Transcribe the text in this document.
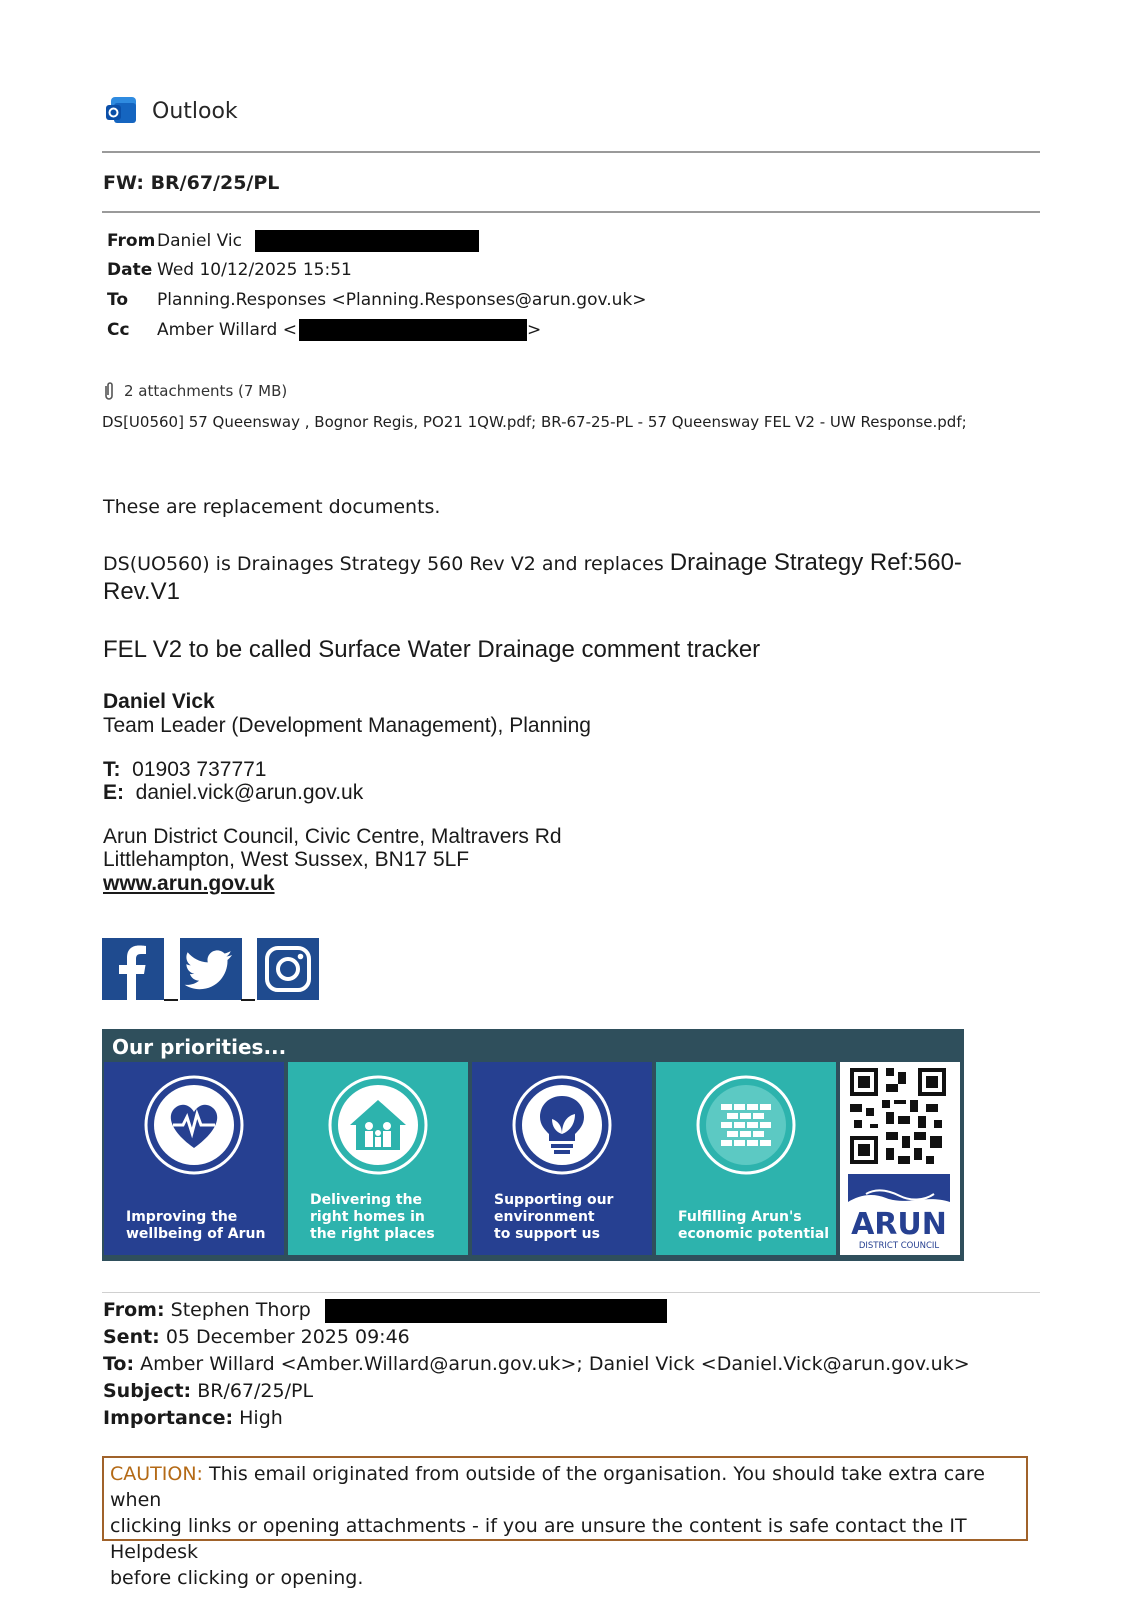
Outlook
FW: BR/67/25/PL
FromDaniel Vic
Date Wed 10/12/2025 15:51
To Planning.Responses <Planning.Responses@arun.gov.uk>
Cc Amber Willard <	>
2 attachments (7 MB)
DS[U0560] 57 Queensway , Bognor Regis, PO21 1QW.pdf; BR-67-25-PL - 57 Queensway FEL V2 - UW Response.pdf;
These are replacement documents.
DS(UO560) is Drainages Strategy 560 Rev V2 and replaces Drainage Strategy Ref:560-
Rev.V1
FEL V2 to be called Surface Water Drainage comment tracker
Daniel Vick
Team Leader (Development Management), Planning
T: 01903 737771
E: daniel.vick@arun.gov.uk
Arun District Council, Civic Centre, Maltravers Rd
Littlehampton, West Sussex, BN17 5LF
www.arun.gov.uk
Our priorities...
Improving the
wellbeing of Arun
Delivering the
right homes in
the right places
Supporting our
environment
to support us
Fulfilling Arun's
economic potential ARUN
DISTRICT COUNCIL
From: Stephen Thorp
Sent: 05 December 2025 09:46
To: Amber Willard <Amber.Willard@arun.gov.uk>; Daniel Vick <Daniel.Vick@arun.gov.uk>
Subject: BR/67/25/PL
Importance: High
CAUTION: This email originated from outside of the organisation. You should take extra care when
clicking links or opening attachments - if you are unsure the content is safe contact the IT Helpdesk
before clicking or opening.
